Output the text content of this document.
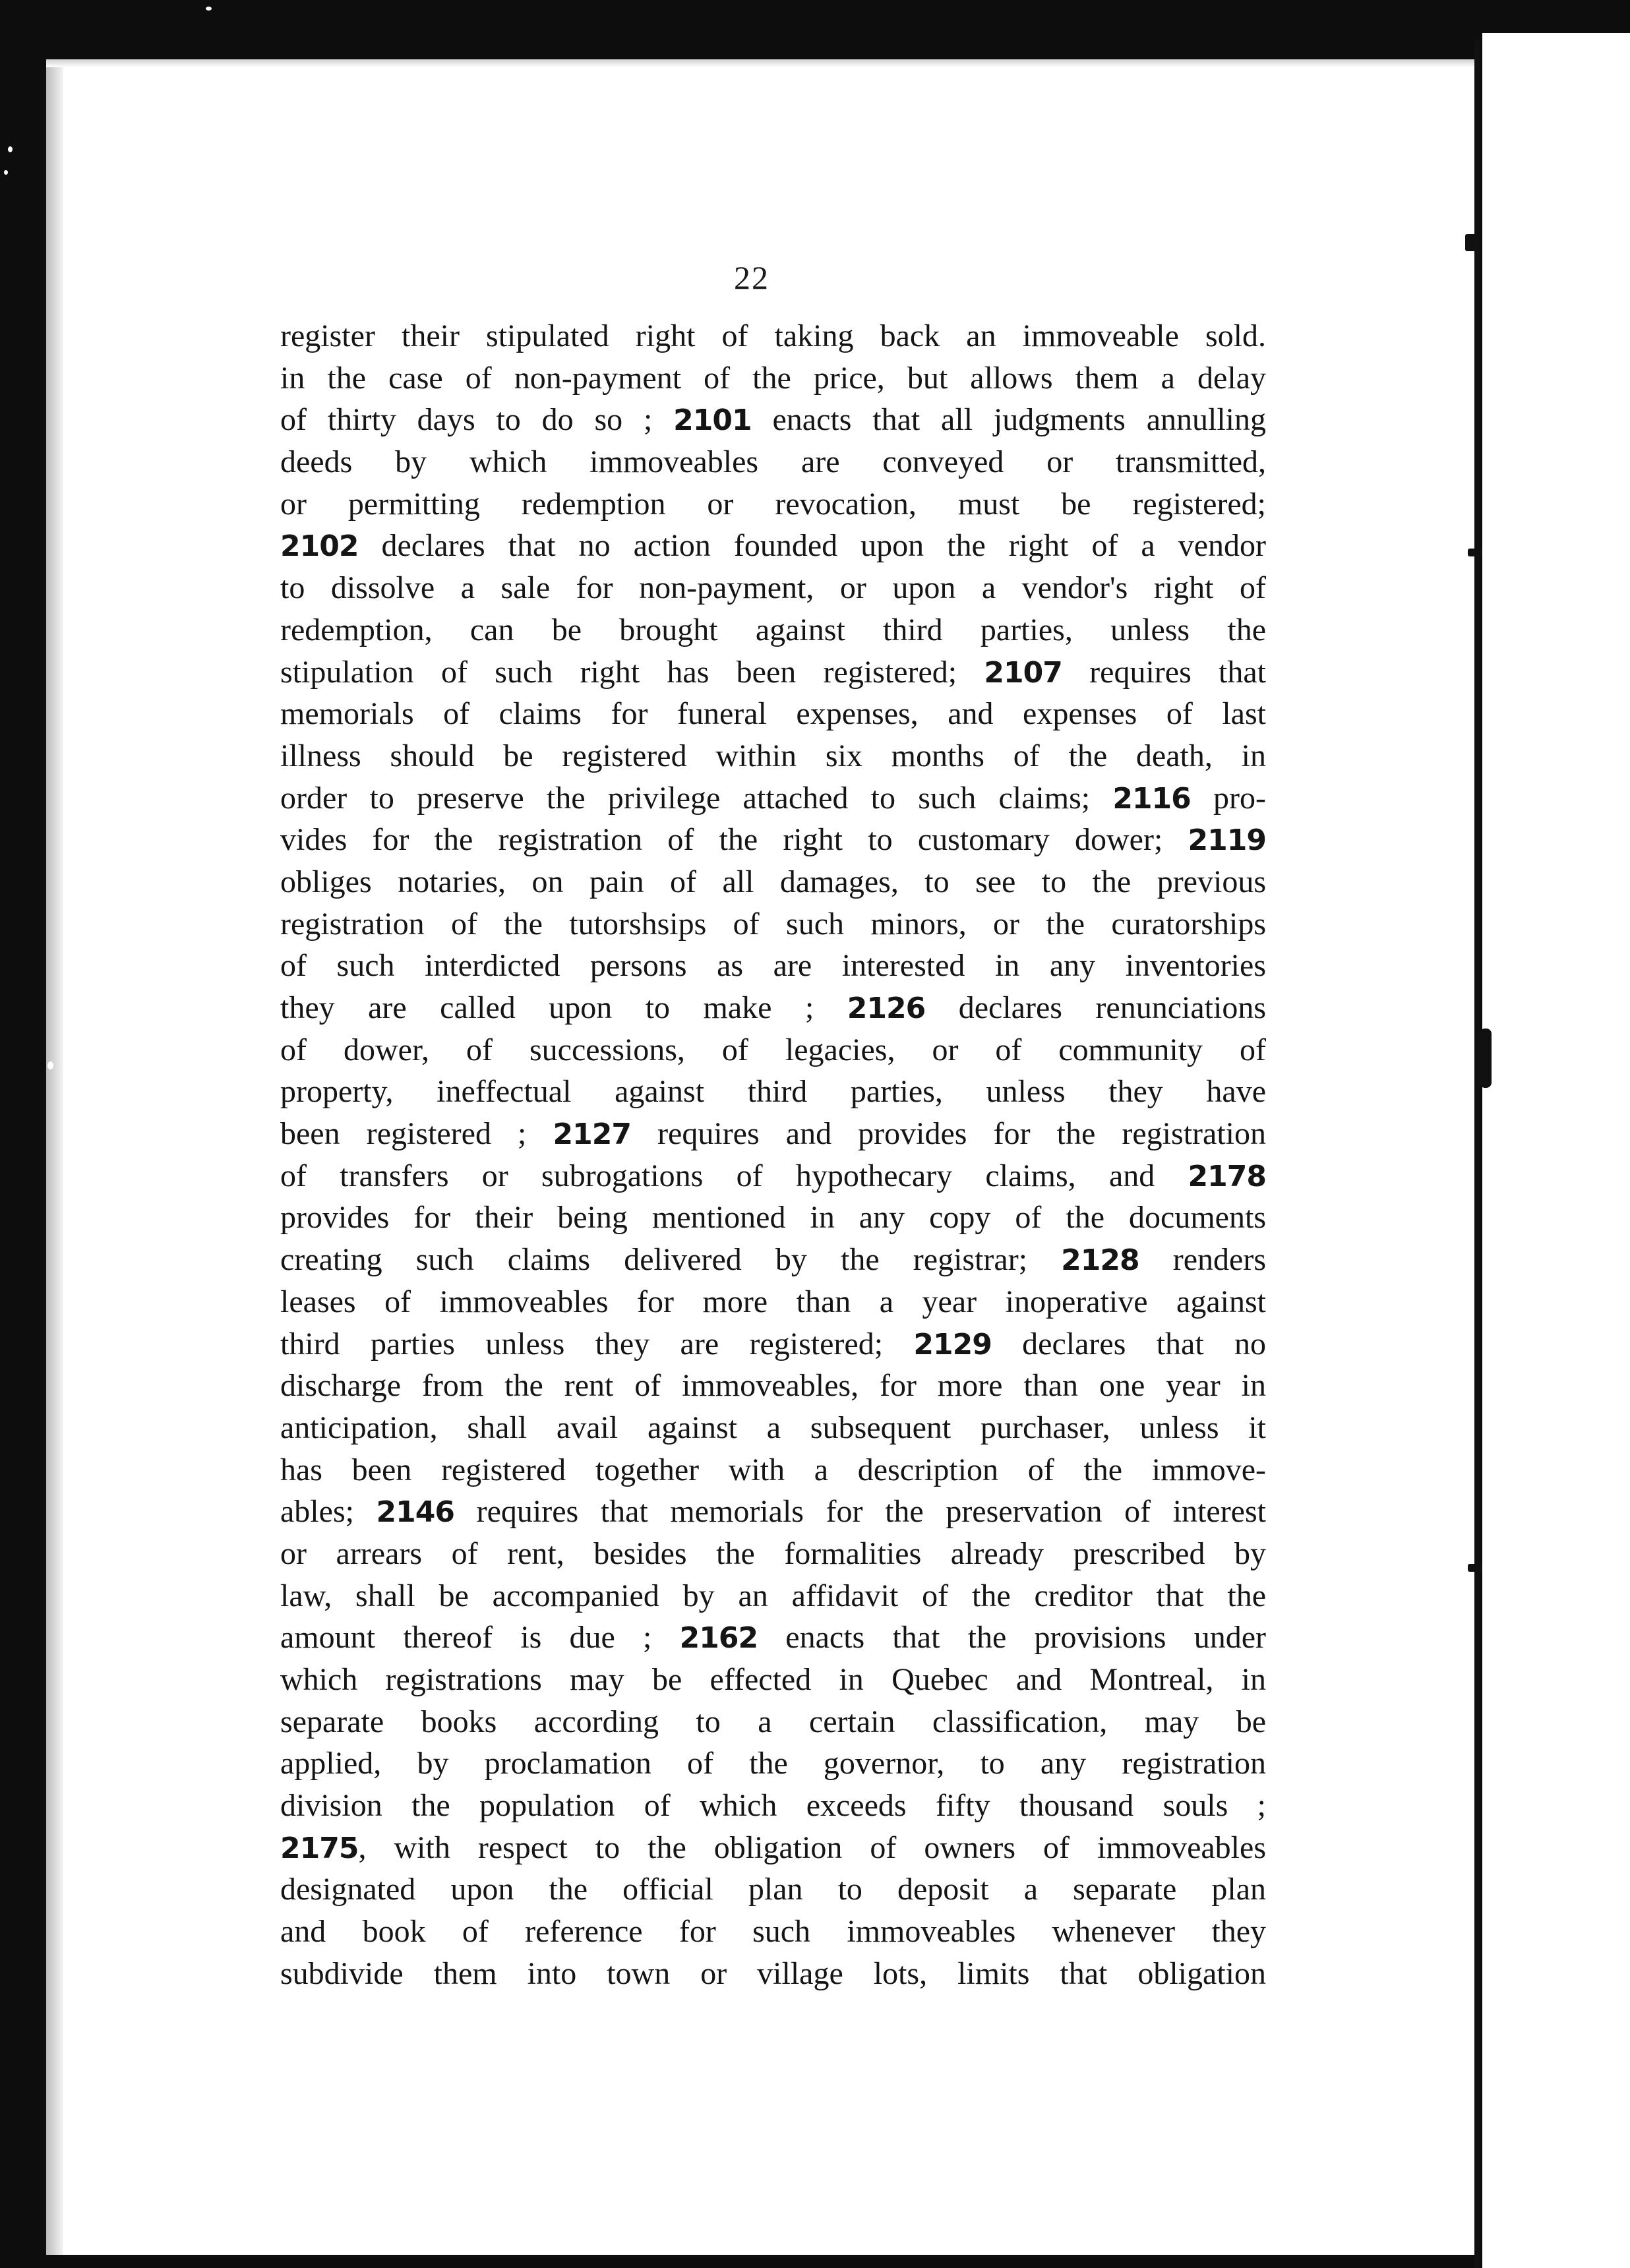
22
register their stipulated right of taking back an immoveable sold.
in the case of non-payment of the price, but allows them a delay
of thirty days to do so ; 2101 enacts that all judgments annulling
deeds by which immoveables are conveyed or transmitted,
or permitting redemption or revocation, must be registered;
2102 declares that no action founded upon the right of a vendor
to dissolve a sale for non-payment, or upon a vendor's right of
redemption, can be brought against third parties, unless the
stipulation of such right has been registered; 2107 requires that
memorials of claims for funeral expenses, and expenses of last
illness should be registered within six months of the death, in
order to preserve the privilege attached to such claims; 2116 pro-
vides for the registration of the right to customary dower; 2119
obliges notaries, on pain of all damages, to see to the previous
registration of the tutorshsips of such minors, or the curatorships
of such interdicted persons as are interested in any inventories
they are called upon to make ; 2126 declares renunciations
of dower, of successions, of legacies, or of community of
property, ineffectual against third parties, unless they have
been registered ; 2127 requires and provides for the registration
of transfers or subrogations of hypothecary claims, and 2178
provides for their being mentioned in any copy of the documents
creating such claims delivered by the registrar; 2128 renders
leases of immoveables for more than a year inoperative against
third parties unless they are registered; 2129 declares that no
discharge from the rent of immoveables, for more than one year in
anticipation, shall avail against a subsequent purchaser, unless it
has been registered together with a description of the immove-
ables; 2146 requires that memorials for the preservation of interest
or arrears of rent, besides the formalities already prescribed by
law, shall be accompanied by an affidavit of the creditor that the
amount thereof is due ; 2162 enacts that the provisions under
which registrations may be effected in Quebec and Montreal, in
separate books according to a certain classification, may be
applied, by proclamation of the governor, to any registration
division the population of which exceeds fifty thousand souls ;
2175, with respect to the obligation of owners of immoveables
designated upon the official plan to deposit a separate plan
and book of reference for such immoveables whenever they
subdivide them into town or village lots, limits that obligation
